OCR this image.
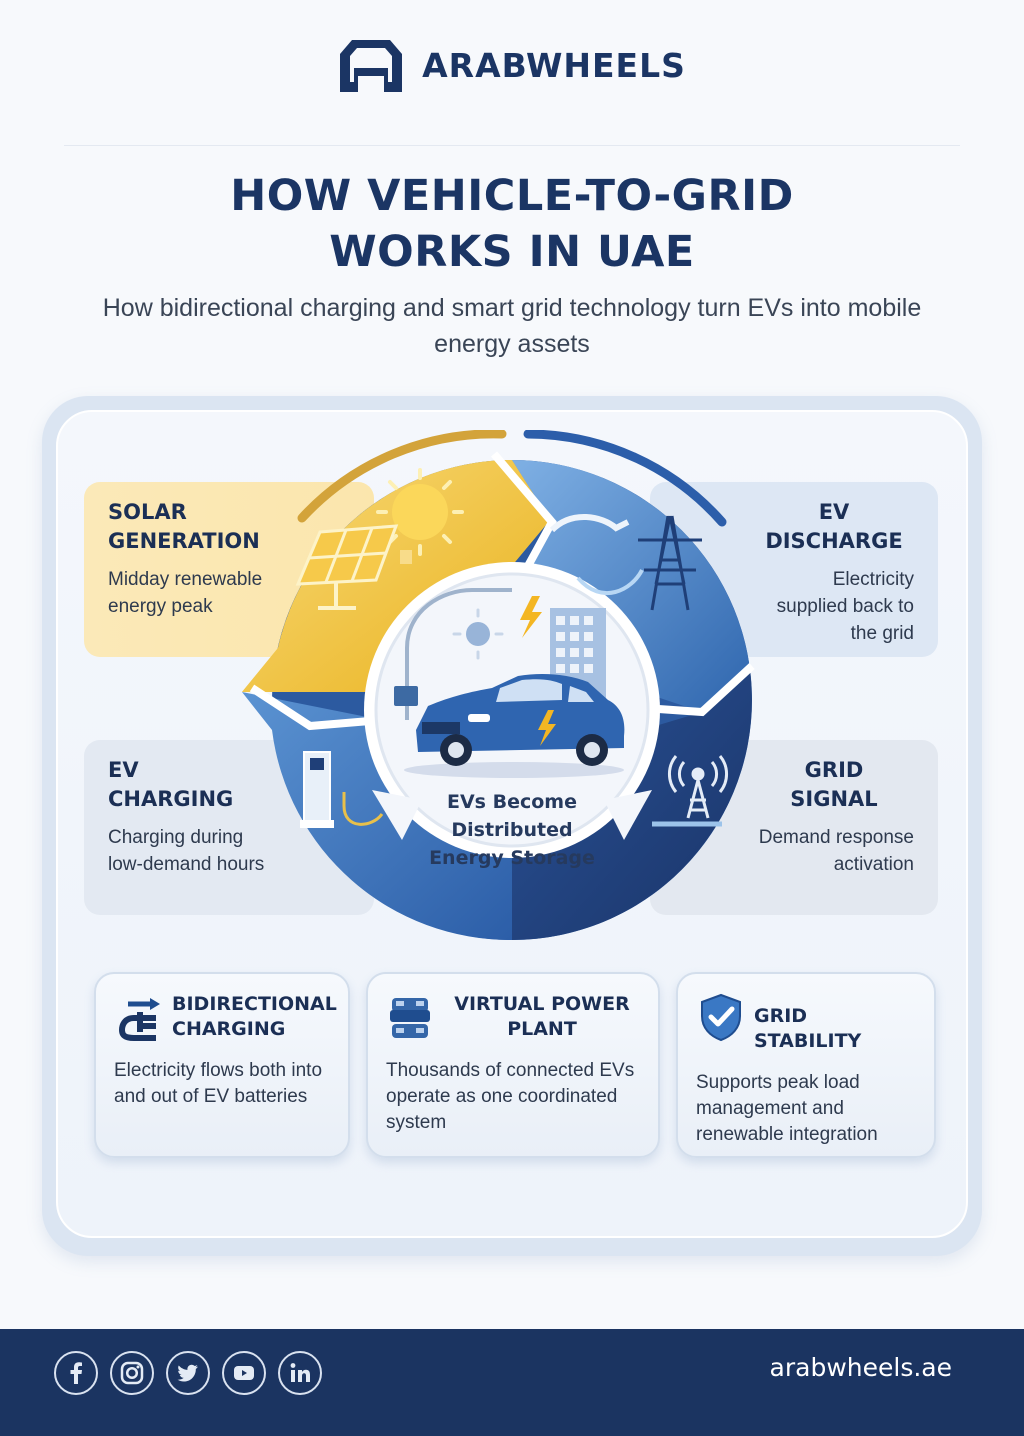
ARABWHEELS
HOW VEHICLE-TO-GRID
WORKS IN UAE
How bidirectional charging and smart grid technology turn EVs into mobile energy assets
SOLAR
GENERATION
Midday renewable energy peak
EV
DISCHARGE
Electricity supplied back to the grid
EV
CHARGING
Charging during low-demand hours
GRID
SIGNAL
Demand response activation
EVs Become
Distributed
Energy Storage
BIDIRECTIONAL
CHARGING
Electricity flows both into and out of EV batteries
VIRTUAL POWER
PLANT
Thousands of connected EVs operate as one coordinated system
GRID STABILITY
Supports peak load management and renewable integration
arabwheels.ae
